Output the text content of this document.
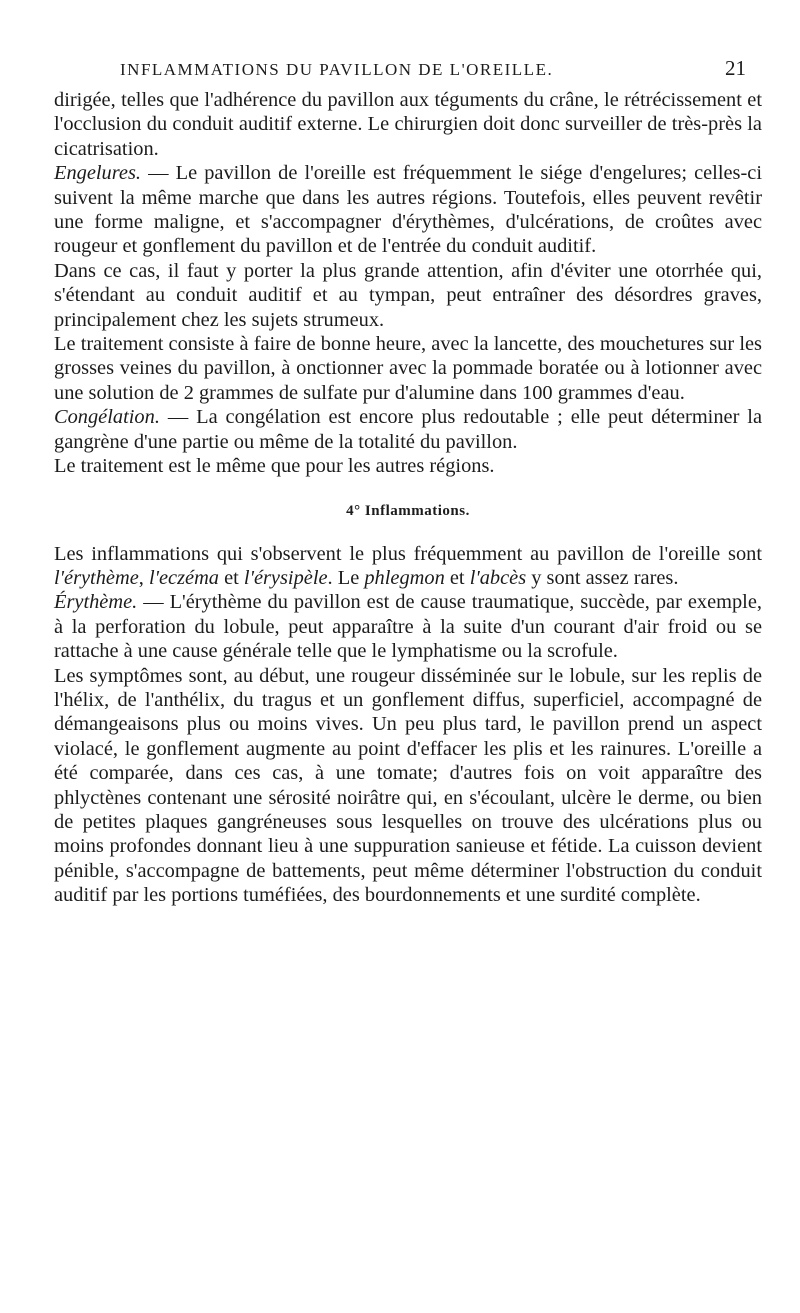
INFLAMMATIONS DU PAVILLON DE L'OREILLE.	21

dirigée, telles que l'adhérence du pavillon aux téguments du crâne, le rétrécissement et l'occlusion du conduit auditif externe. Le chirurgien doit donc surveiller de très-près la cicatrisation.

Engelures. — Le pavillon de l'oreille est fréquemment le siége d'engelures; celles-ci suivent la même marche que dans les autres régions. Toutefois, elles peuvent revêtir une forme maligne, et s'accompagner d'érythèmes, d'ulcérations, de croûtes avec rougeur et gonflement du pavillon et de l'entrée du conduit auditif.

Dans ce cas, il faut y porter la plus grande attention, afin d'éviter une otorrhée qui, s'étendant au conduit auditif et au tympan, peut entraîner des désordres graves, principalement chez les sujets strumeux.

Le traitement consiste à faire de bonne heure, avec la lancette, des mouchetures sur les grosses veines du pavillon, à onctionner avec la pommade boratée ou à lotionner avec une solution de 2 grammes de sulfate pur d'alumine dans 100 grammes d'eau.

Congélation. — La congélation est encore plus redoutable ; elle peut déterminer la gangrène d'une partie ou même de la totalité du pavillon.

Le traitement est le même que pour les autres régions.

4° Inflammations.

Les inflammations qui s'observent le plus fréquemment au pavillon de l'oreille sont l'érythème, l'eczéma et l'érysipèle. Le phlegmon et l'abcès y sont assez rares.

Érythème. — L'érythème du pavillon est de cause traumatique, succède, par exemple, à la perforation du lobule, peut apparaître à la suite d'un courant d'air froid ou se rattache à une cause générale telle que le lymphatisme ou la scrofule.

Les symptômes sont, au début, une rougeur disséminée sur le lobule, sur les replis de l'hélix, de l'anthélix, du tragus et un gonflement diffus, superficiel, accompagné de démangeaisons plus ou moins vives. Un peu plus tard, le pavillon prend un aspect violacé, le gonflement augmente au point d'effacer les plis et les rainures. L'oreille a été comparée, dans ces cas, à une tomate; d'autres fois on voit apparaître des phlyctènes contenant une sérosité noirâtre qui, en s'écoulant, ulcère le derme, ou bien de petites plaques gangréneuses sous lesquelles on trouve des ulcérations plus ou moins profondes donnant lieu à une suppuration sanieuse et fétide. La cuisson devient pénible, s'accompagne de battements, peut même déterminer l'obstruction du conduit auditif par les portions tuméfiées, des bourdonnements et une surdité complète.
